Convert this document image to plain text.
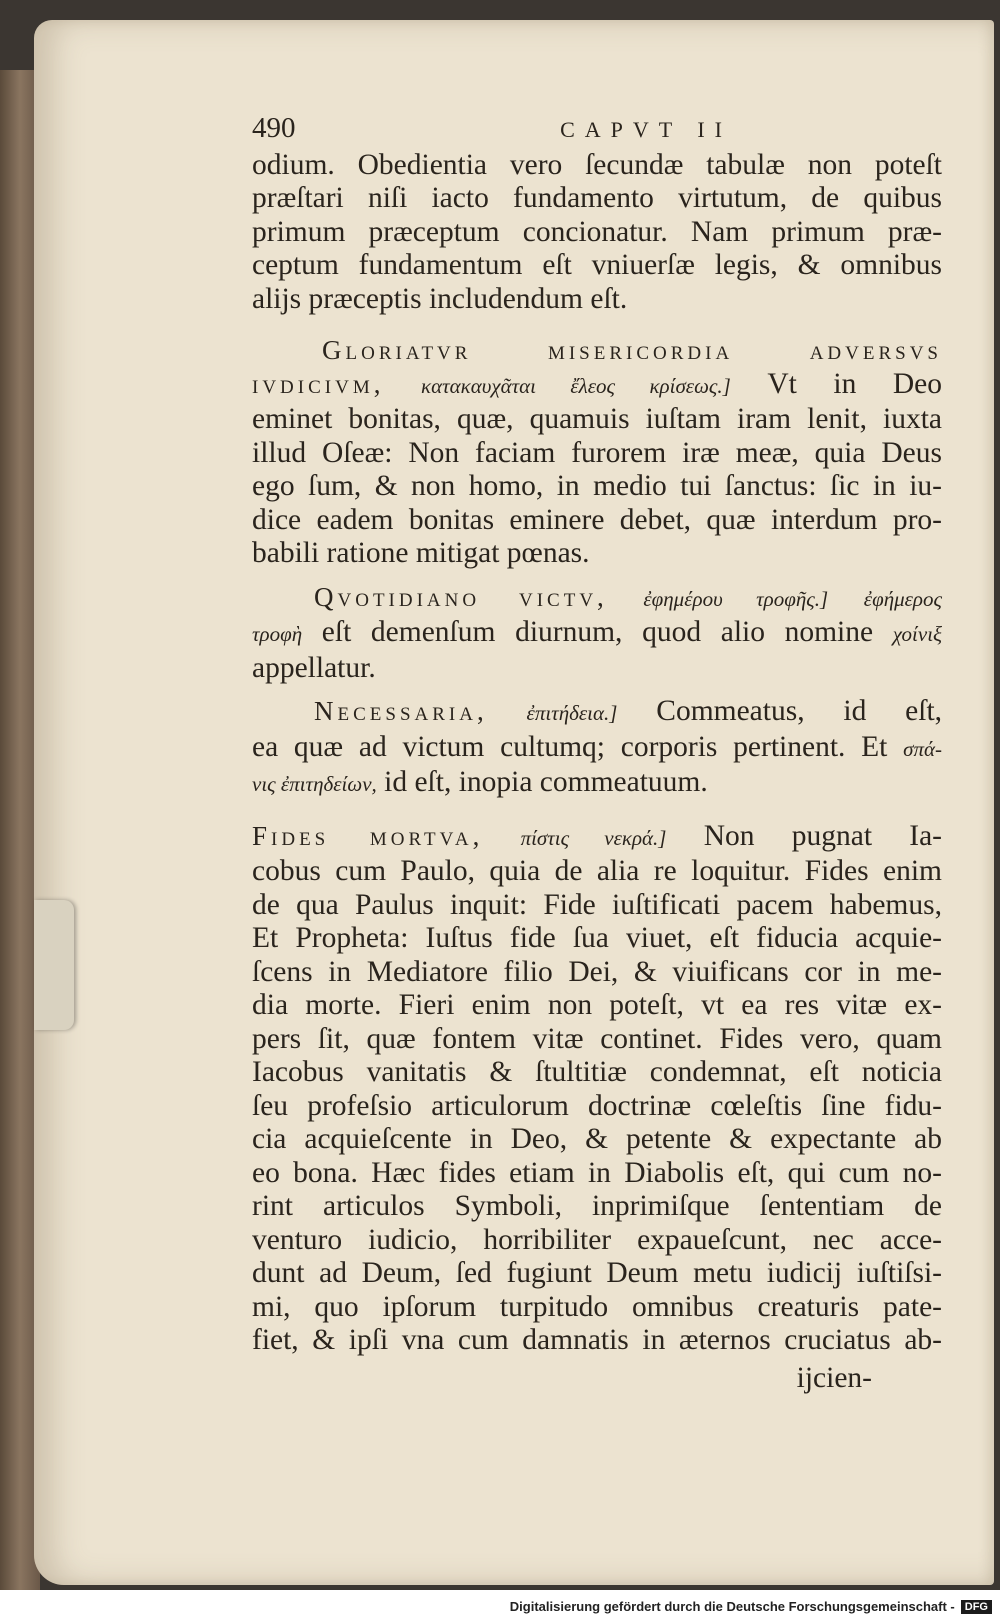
490	CAPVT II
odium. Obedientia vero ſecundæ tabulæ non poteſt
præſtari niſi iacto fundamento virtutum, de quibus
primum præceptum concionatur. Nam primum præ-
ceptum fundamentum eſt vniuerſæ legis, & omnibus
alijs præceptis includendum eſt.
Gloriatvr misericordia adversvs
ivdicivm, κατακαυχᾶται ἔλεος κρίσεως.] Vt in Deo
eminet bonitas, quæ, quamuis iuſtam iram lenit, iuxta
illud Oſeæ: Non faciam furorem iræ meæ, quia Deus
ego ſum, & non homo, in medio tui ſanctus: ſic in iu-
dice eadem bonitas eminere debet, quæ interdum pro-
babili ratione mitigat pœnas.
Qvotidiano victv, ἐφημέρου τροφῆς.] ἐφήμερος
τροφὴ eſt demenſum diurnum, quod alio nomine χοίνιξ
appellatur.
Necessaria, ἐπιτήδεια.] Commeatus, id eſt,
ea quæ ad victum cultumq; corporis pertinent. Et σπά-
νις ἐπιτηδείων, id eſt, inopia commeatuum.
Fides mortva, πίστις νεκρά.] Non pugnat Ia-
cobus cum Paulo, quia de alia re loquitur. Fides enim
de qua Paulus inquit: Fide iuſtificati pacem habemus,
Et Propheta: Iuſtus fide ſua viuet, eſt fiducia acquie-
ſcens in Mediatore filio Dei, & viuificans cor in me-
dia morte. Fieri enim non poteſt, vt ea res vitæ ex-
pers ſit, quæ fontem vitæ continet. Fides vero, quam
Iacobus vanitatis & ſtultitiæ condemnat, eſt noticia
ſeu profeſsio articulorum doctrinæ cœleſtis ſine fidu-
cia acquieſcente in Deo, & petente & expectante ab
eo bona. Hæc fides etiam in Diabolis eſt, qui cum no-
rint articulos Symboli, inprimiſque ſententiam de
venturo iudicio, horribiliter expaueſcunt, nec acce-
dunt ad Deum, ſed fugiunt Deum metu iudicij iuſtiſsi-
mi, quo ipſorum turpitudo omnibus creaturis pate-
fiet, & ipſi vna cum damnatis in æternos cruciatus ab-
ijcien-
Digitalisierung gefördert durch die Deutsche Forschungsgemeinschaft - DFG
